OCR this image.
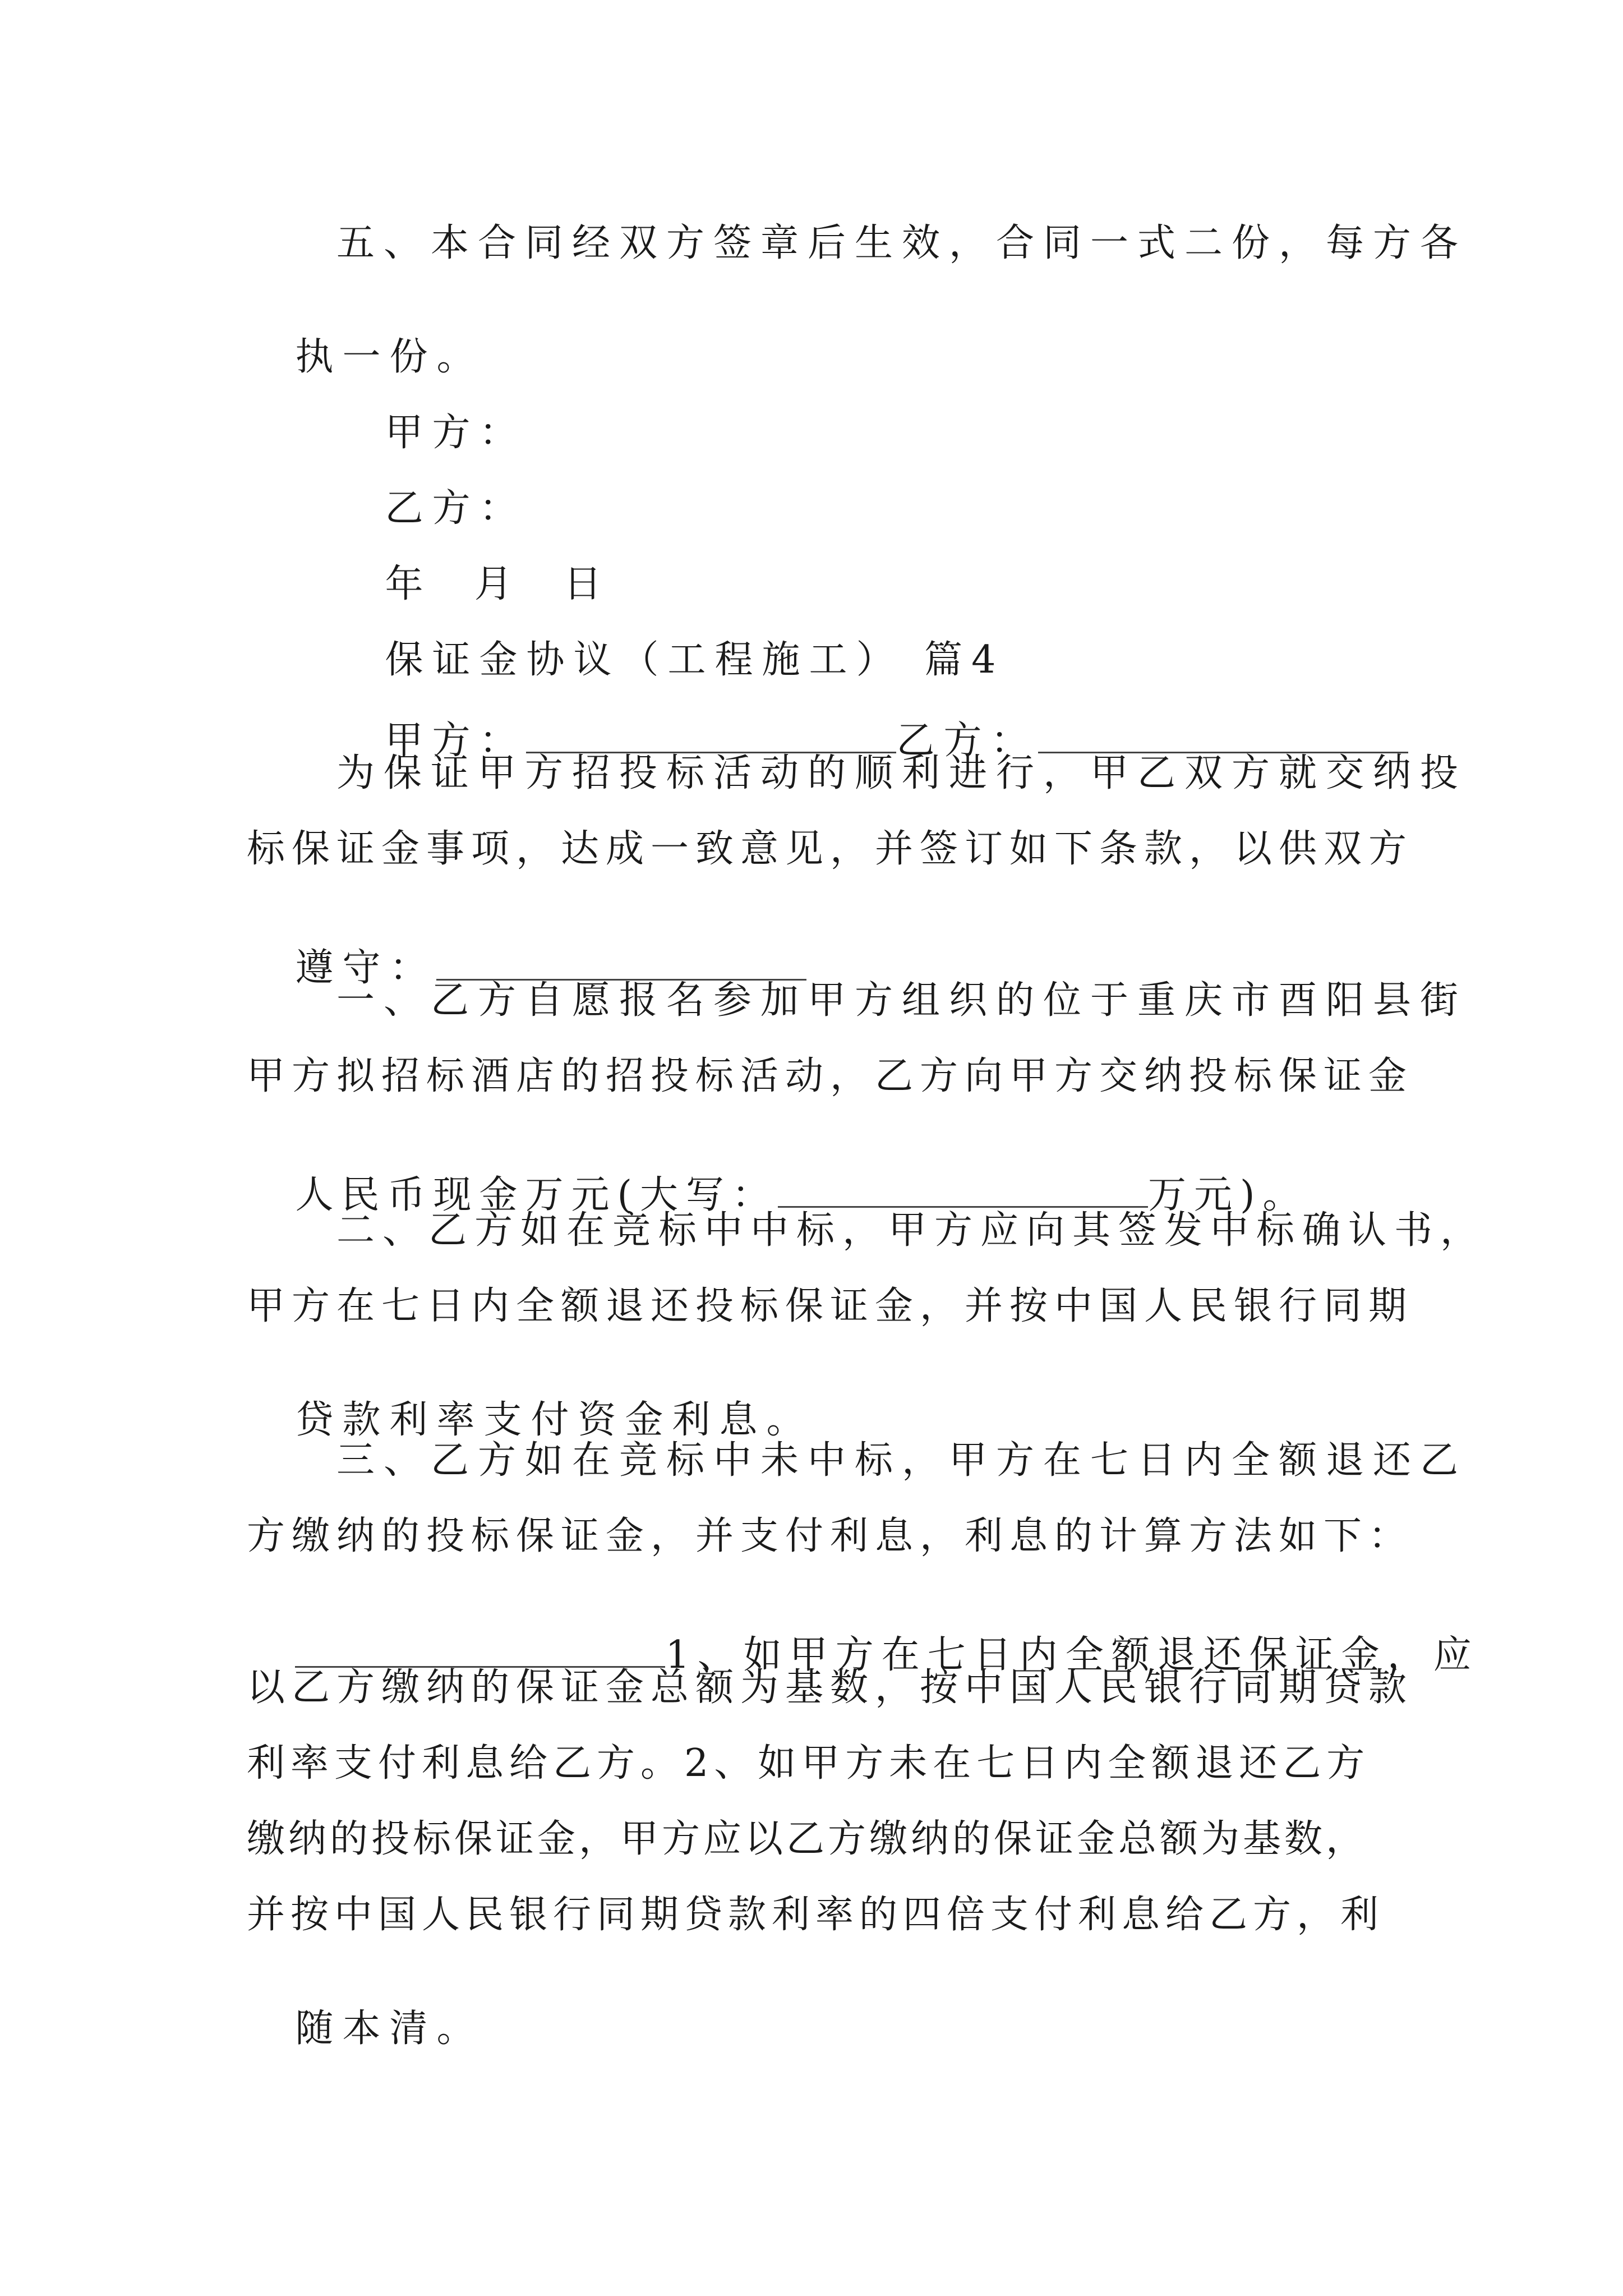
五、本合同经双方签章后生效，合同一式二份，每方各

执一份。

甲方：

乙方：

年  月  日

保证金协议（工程施工） 篇4

甲方：	乙方：

为保证甲方招投标活动的顺利进行，甲乙双方就交纳投
标保证金事项，达成一致意见，并签订如下条款，以供双方

遵守：

一、乙方自愿报名参加甲方组织的位于重庆市酉阳县街
甲方拟招标酒店的招投标活动，乙方向甲方交纳投标保证金

人民币现金万元(大写：	万元)。

二、乙方如在竞标中中标，甲方应向其签发中标确认书，
甲方在七日内全额退还投标保证金，并按中国人民银行同期

贷款利率支付资金利息。

三、乙方如在竞标中未中标，甲方在七日内全额退还乙
方缴纳的投标保证金，并支付利息，利息的计算方法如下：

1、如甲方在七日内全额退还保证金，应

以乙方缴纳的保证金总额为基数，按中国人民银行同期贷款
利率支付利息给乙方。2、如甲方未在七日内全额退还乙方
缴纳的投标保证金，甲方应以乙方缴纳的保证金总额为基数，
并按中国人民银行同期贷款利率的四倍支付利息给乙方，利

随本清。
